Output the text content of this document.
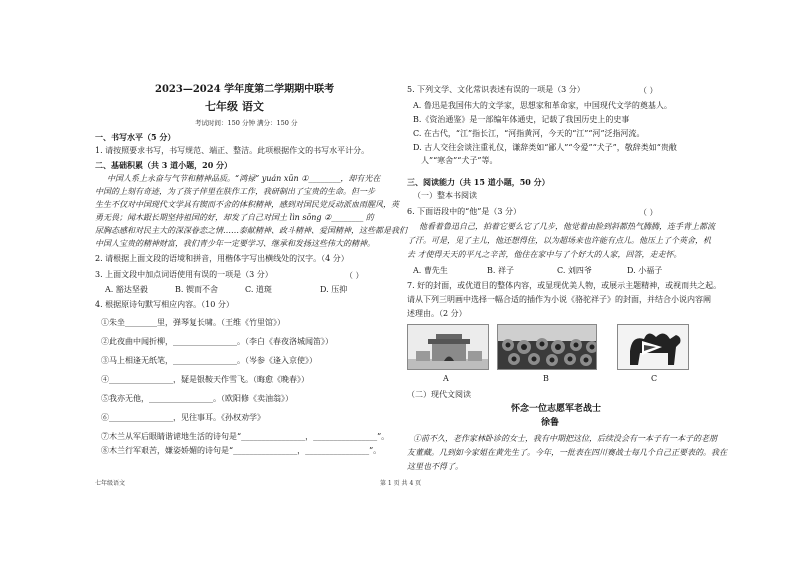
2023—2024 学年度第二学期期中联考
七年级 语文
考试时间：150 分钟 满分：150 分
一、书写水平（5 分）
1. 请按照要求书写，书写规范、端正、整洁。此项根据作文的书写水平计分。
二、基础积累（共 3 道小题，20 分）
中国人系上永奋与气节和精神品质。“鸿禄” yuán xūn ①________，却有光在
中国的上刻有奇迹，为了孩子伴里在肤作工作，我研制出了宝贵的生命。但一步
生生不仅对中国现代文学具有锲而不舍的体积精神，感到对国民党反动派血雨腥风，英
勇无畏；闻木跟长期坚持祖国的好，却发了自己对国土 lìn sōng ②________ 的
尿胸态感和对民主大的深深眷恋之情……泰献精神、政斗精神、爱国精神，这些都是我们
中国人宝贵的精神财富，我们青少年一定要学习、继承和发扬这些伟大的精神。
2. 请根据上面文段的语境和拼音，用楷体字写出横线处的汉字。（4 分）
3. 上面文段中加点词语使用有误的一项是（3 分）	（ ）
A. 豁达坚毅	B. 锲而不舍	C. 道斑	D. 压抑
4. 根据原诗句默写相应内容。（10 分）
①朱坐________里，弹琴复长啸。（王维《竹里馆》）
②此夜曲中闻折柳，________________。（李白《春夜洛城闻笛》）
③马上相逢无纸笔，________________。（岑参《逢入京使》）
④________________，疑是银鞍天作雪飞。（晦愈《晚春》）
⑤我亦无他，________________。（欧阳修《卖油翁》）
⑥________________，见往事耳。《孙权劝学》
⑦木兰从军后眼睛谐谑地生活的诗句是“________________，________________”。
⑧木兰行军艰苦，嫌姿娇媚的诗句是“________________，________________”。
5. 下列文学、文化常识表述有误的一项是（3 分）	（ ）
A. 鲁迅是我国伟大的文学家，思想家和革命家，中国现代文学的奠基人。
B.《资治通鉴》是一部编年体通史，记载了我国历史上的史事
C. 在古代，“江”指长江，“河指黄河，今天的“江”“河”泛指河流。
D. 古人交往会谈注重礼仪，谦辞类如“鄙人”“令爱”“犬子”，敬辞类如“贵敝
人”“寒舍”“犬子”等。
三、阅读能力（共 15 道小题，50 分）
（一）整本书阅读
6. 下面语段中的“他”是（3 分）	（ ）
他看着鲁迅自己，拍着它要么它了几步，他觉着由脸到斜都热气腾腾，连手背上都流
了汗。可是，见了主儿，他还想得住，以为超场来也许能有点儿。他压上了个英舍，机
去 才使得天天的平凡之辛苦，他住在家中与了个好大的人家，回答，走走怀。
A. 曹先生	B. 祥子	C. 刘四爷	D. 小福子
7. 好的封面，或优道目的整体内容，或显现优美人物，或展示主题精神，或视而共之起。
请从下列三明画中选择一幅合适的插作为小说《骆驼祥子》的封面，并结合小说内容阐
述理由。（2 分）
A	B	C
（二）现代文阅读
怀念一位志愿军老战士
徐鲁
①前不久，老作家林卧诊的女士，我有中期把这位，后续没会有一本子有一本子的老朋
友董藏。几到如今家姐在黄先生了。今年，一批表在四川赛战士每几个自己正要表的。我在
这里也不得了。
七年级语文	第 1 页 共 4 页
